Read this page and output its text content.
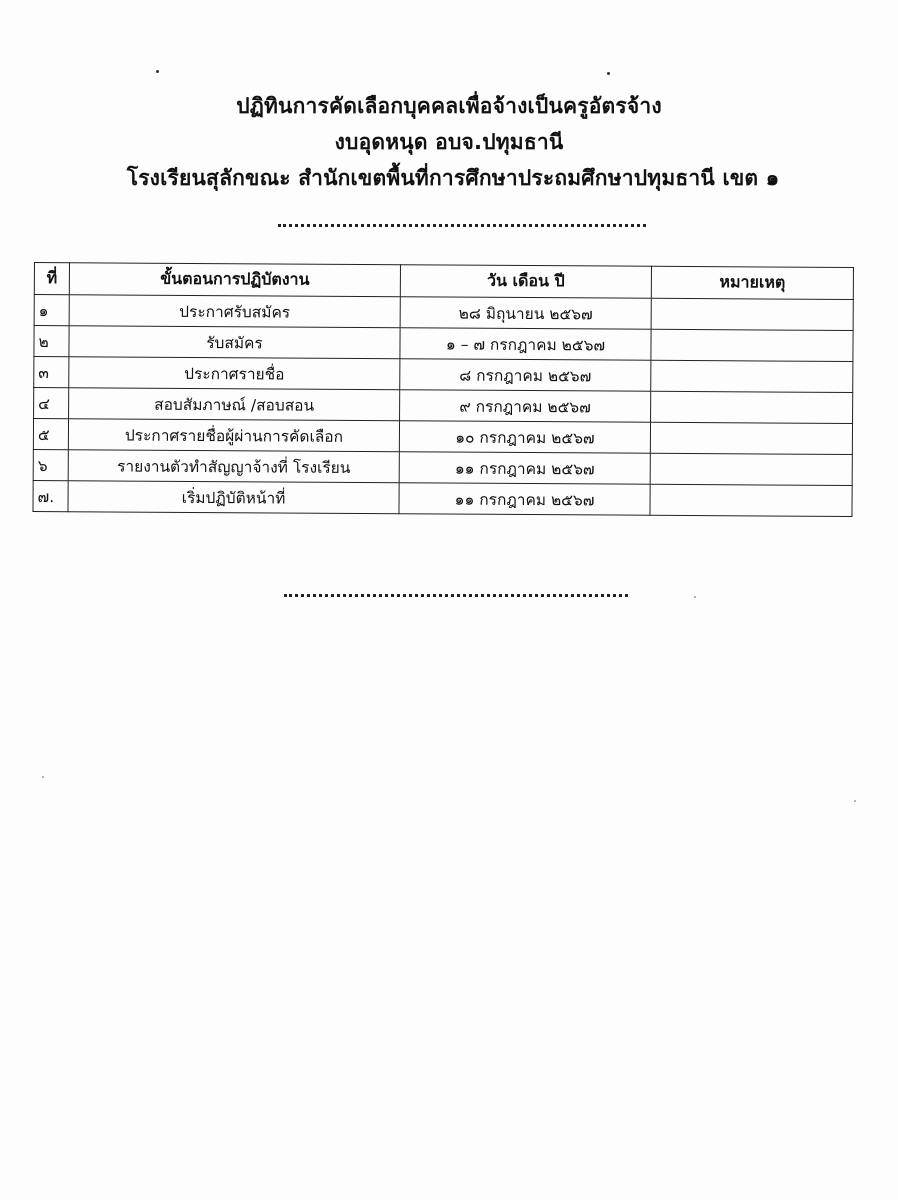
ปฏิทินการคัดเลือกบุคคลเพื่อจ้างเป็นครูอัตรจ้าง
งบอุดหนุด อบจ.ปทุมธานี
โรงเรียนสุลักขณะ สำนักเขตพื้นที่การศึกษาประถมศึกษาปทุมธานี เขต ๑
ที่	ขั้นตอนการปฏิบัตงาน	วัน เดือน ปี	หมายเหตุ
๑	ประกาศรับสมัคร	๒๘ มิถุนายน ๒๕๖๗	
๒	รับสมัคร	๑ – ๗ กรกฎาคม ๒๕๖๗	
๓	ประกาศรายชื่อ	๘ กรกฎาคม ๒๕๖๗	
๔	สอบสัมภาษณ์ /สอบสอน	๙ กรกฎาคม ๒๕๖๗	
๕	ประกาศรายชื่อผู้ผ่านการคัดเลือก	๑๐ กรกฎาคม ๒๕๖๗	
๖	รายงานตัวทำสัญญาจ้างที่ โรงเรียน	๑๑ กรกฎาคม ๒๕๖๗	
๗.	เริ่มปฏิบัติหน้าที่	๑๑ กรกฎาคม ๒๕๖๗	
